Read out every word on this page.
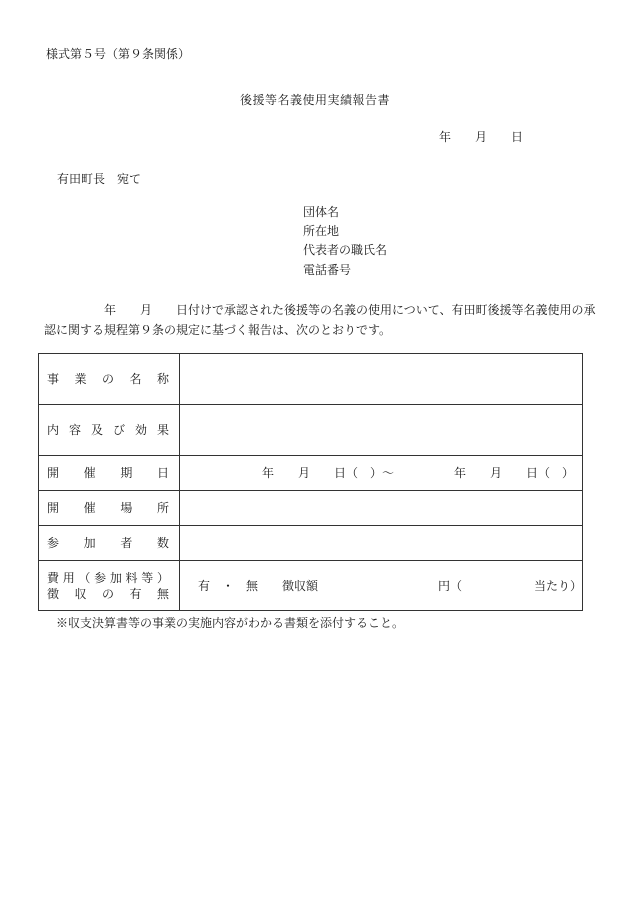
様式第５号（第９条関係）
後援等名義使用実績報告書
年　　月　　日
有田町長　宛て
団体名
所在地
代表者の職氏名
電話番号
　　　　　年　　月　　日付けで承認された後援等の名義の使用について、有田町後援等名義使用の承
認に関する規程第９条の規定に基づく報告は、次のとおりです。
事業の名称	
内容及び効果	
開催期日	年　　月　　日（　）～　　　　　年　　月　　日（　）
開催場所	
参加者数	

費用（参加料等）
徴収の有無	有　・　無　　徴収額　　　　　　　　　　円（　　　　　　当たり）
※収支決算書等の事業の実施内容がわかる書類を添付すること。
